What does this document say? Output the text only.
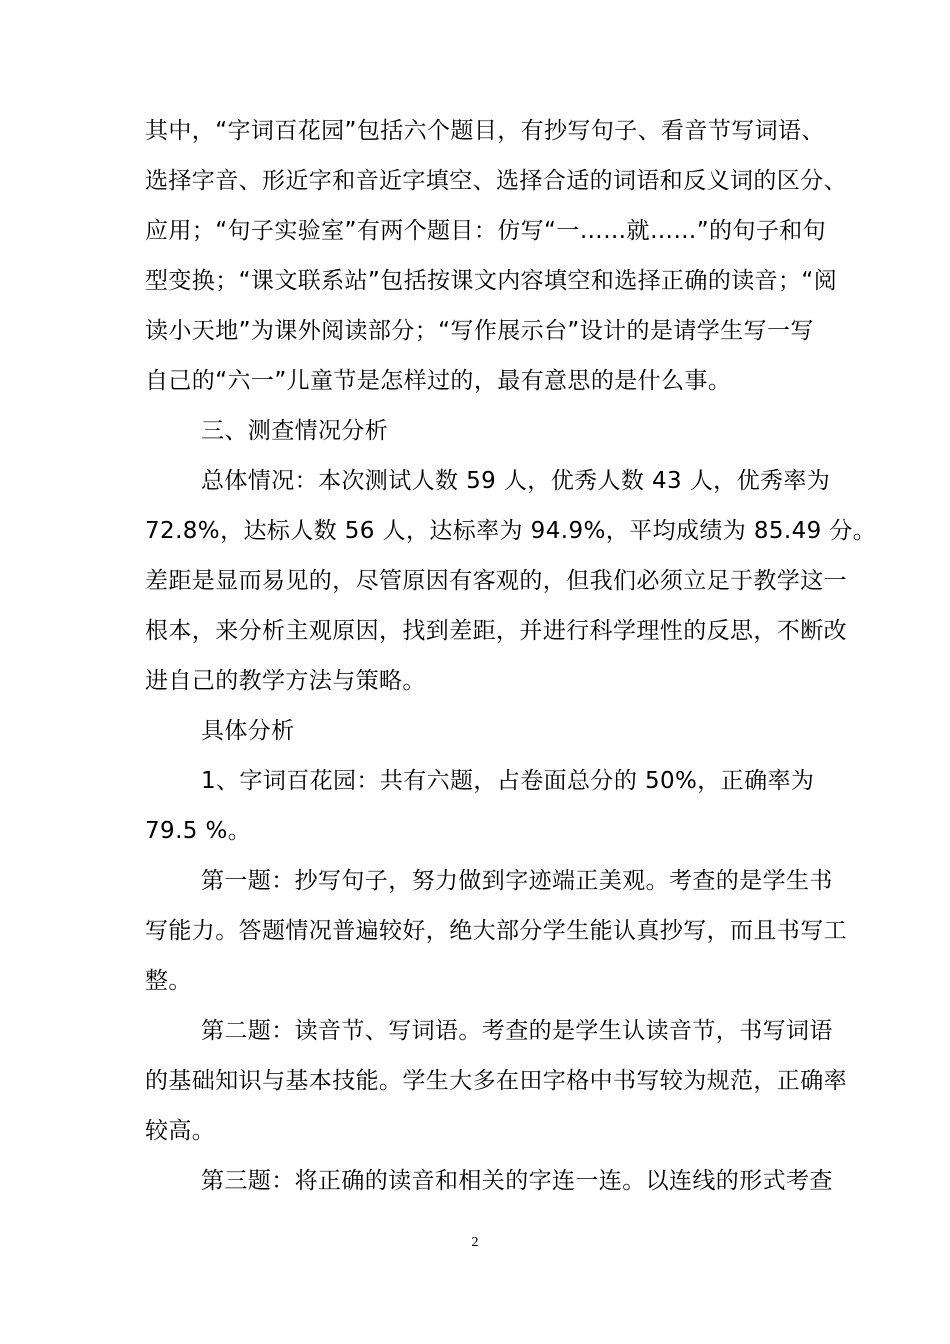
其中，“字词百花园”包括六个题目，有抄写句子、看音节写词语、
选择字音、形近字和音近字填空、选择合适的词语和反义词的区分、
应用；“句子实验室”有两个题目：仿写“一……就……”的句子和句
型变换；“课文联系站”包括按课文内容填空和选择正确的读音；“阅
读小天地”为课外阅读部分；“写作展示台”设计的是请学生写一写
自己的“六一”儿童节是怎样过的，最有意思的是什么事。
三、测查情况分析
总体情况：本次测试人数 59 人，优秀人数 43 人，优秀率为
72.8%，达标人数 56 人，达标率为 94.9%，平均成绩为 85.49 分。
差距是显而易见的，尽管原因有客观的，但我们必须立足于教学这一
根本，来分析主观原因，找到差距，并进行科学理性的反思，不断改
进自己的教学方法与策略。
具体分析
1、字词百花园：共有六题，占卷面总分的 50%，正确率为
79.5 %。
第一题：抄写句子，努力做到字迹端正美观。考查的是学生书
写能力。答题情况普遍较好，绝大部分学生能认真抄写，而且书写工
整。
第二题：读音节、写词语。考查的是学生认读音节，书写词语
的基础知识与基本技能。学生大多在田字格中书写较为规范，正确率
较高。
第三题：将正确的读音和相关的字连一连。以连线的形式考查
2
